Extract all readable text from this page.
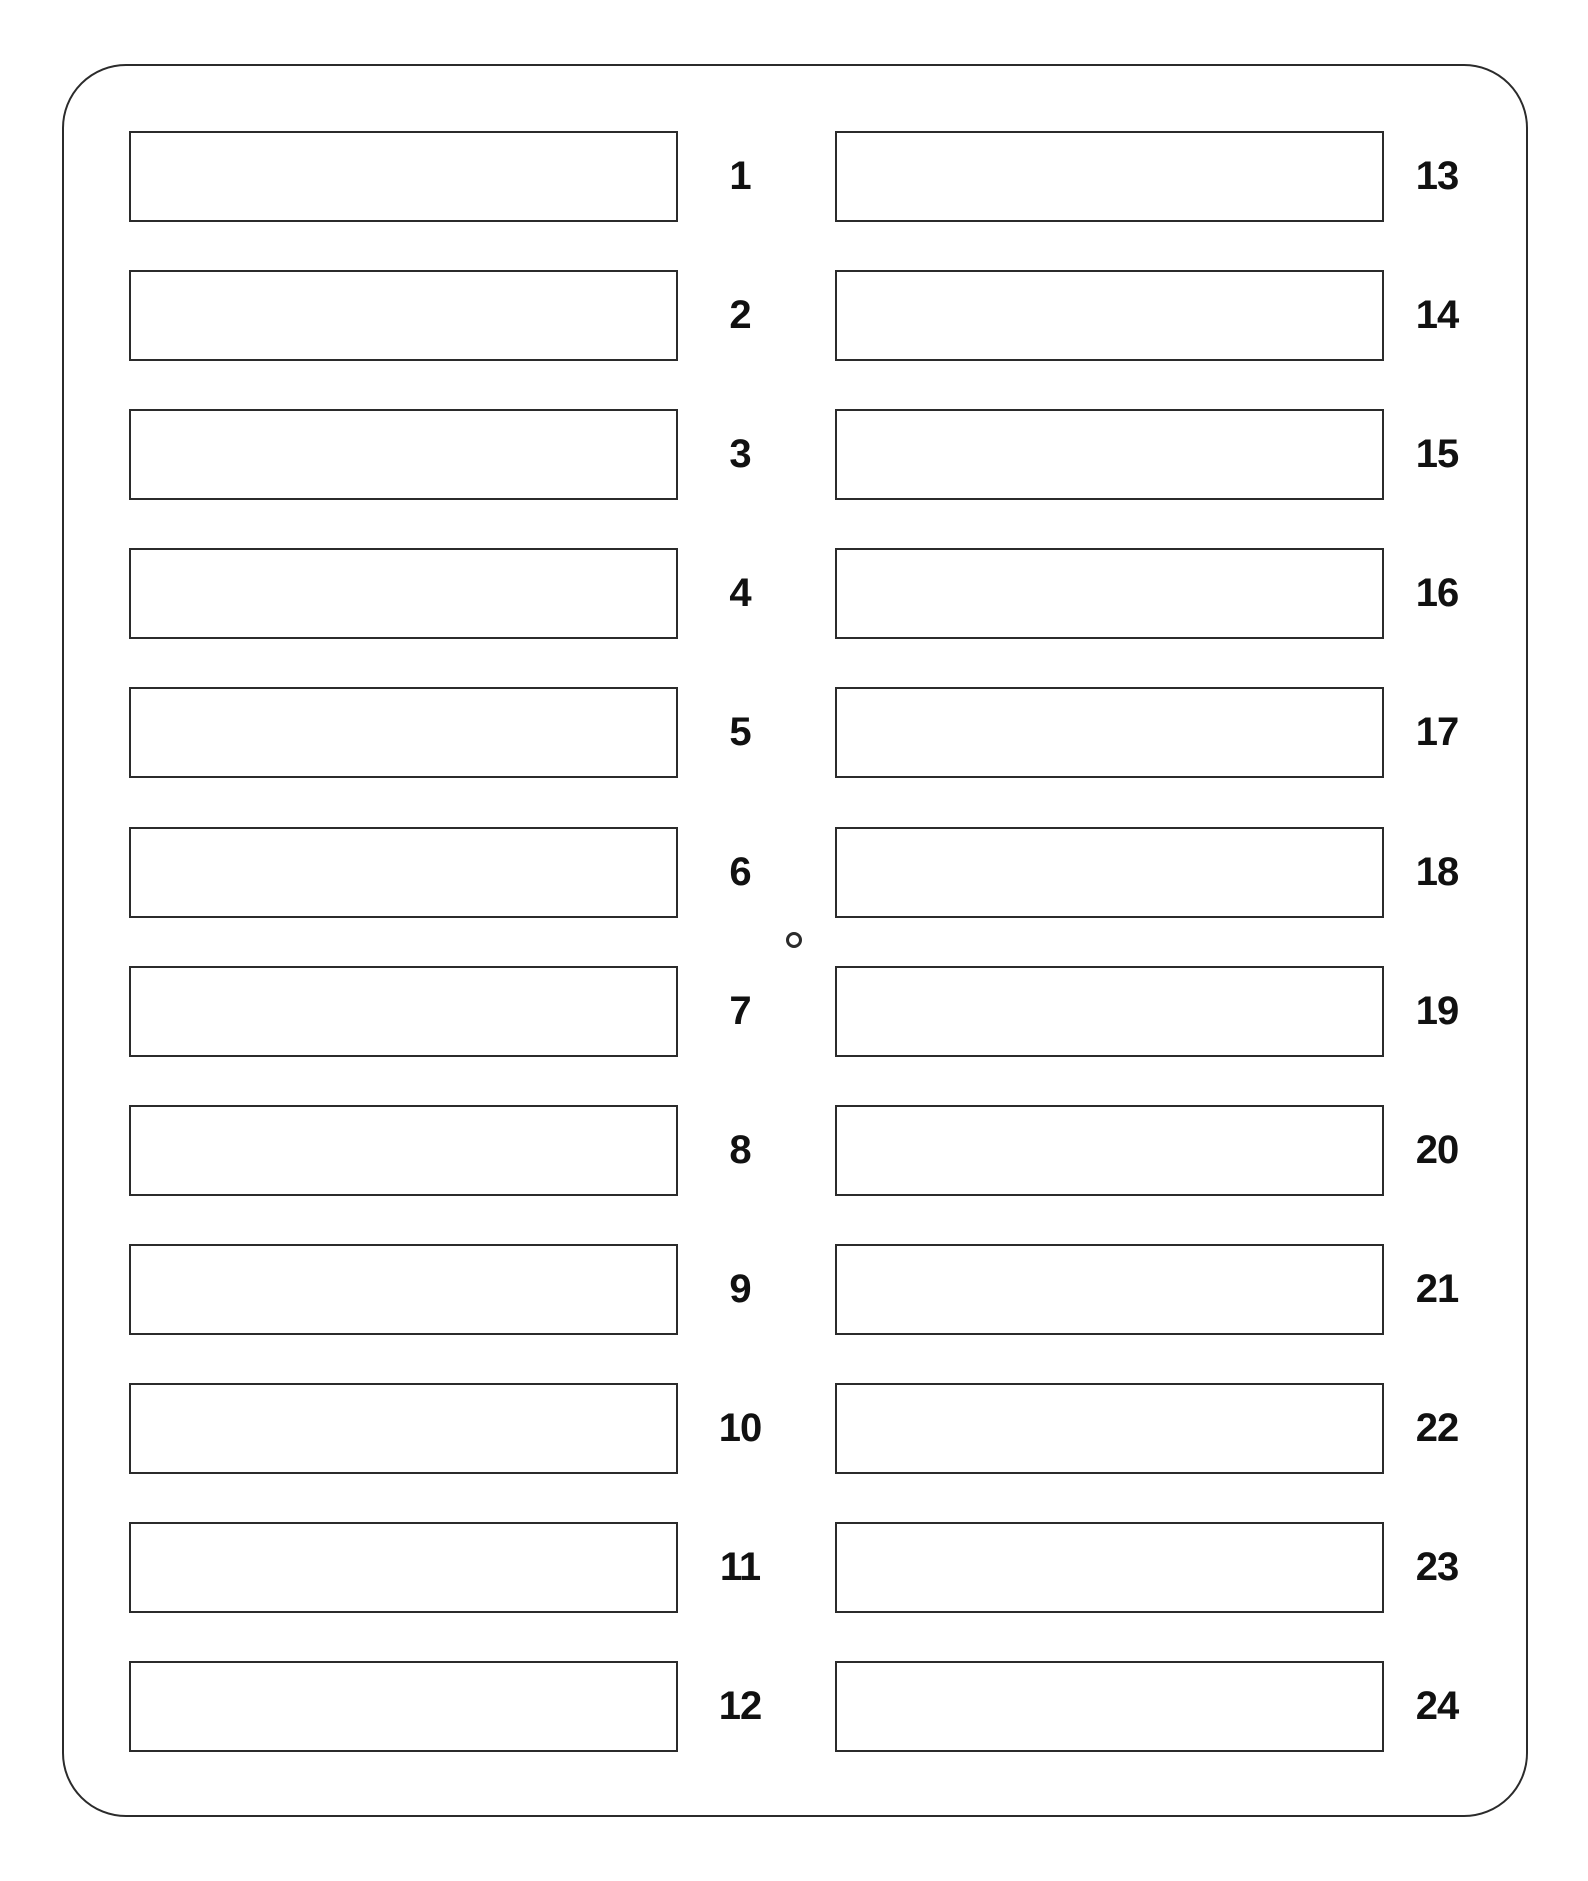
1
2
3
4
5
6
7
8
9
10
11
12
13
14
15
16
17
18
19
20
21
22
23
24
